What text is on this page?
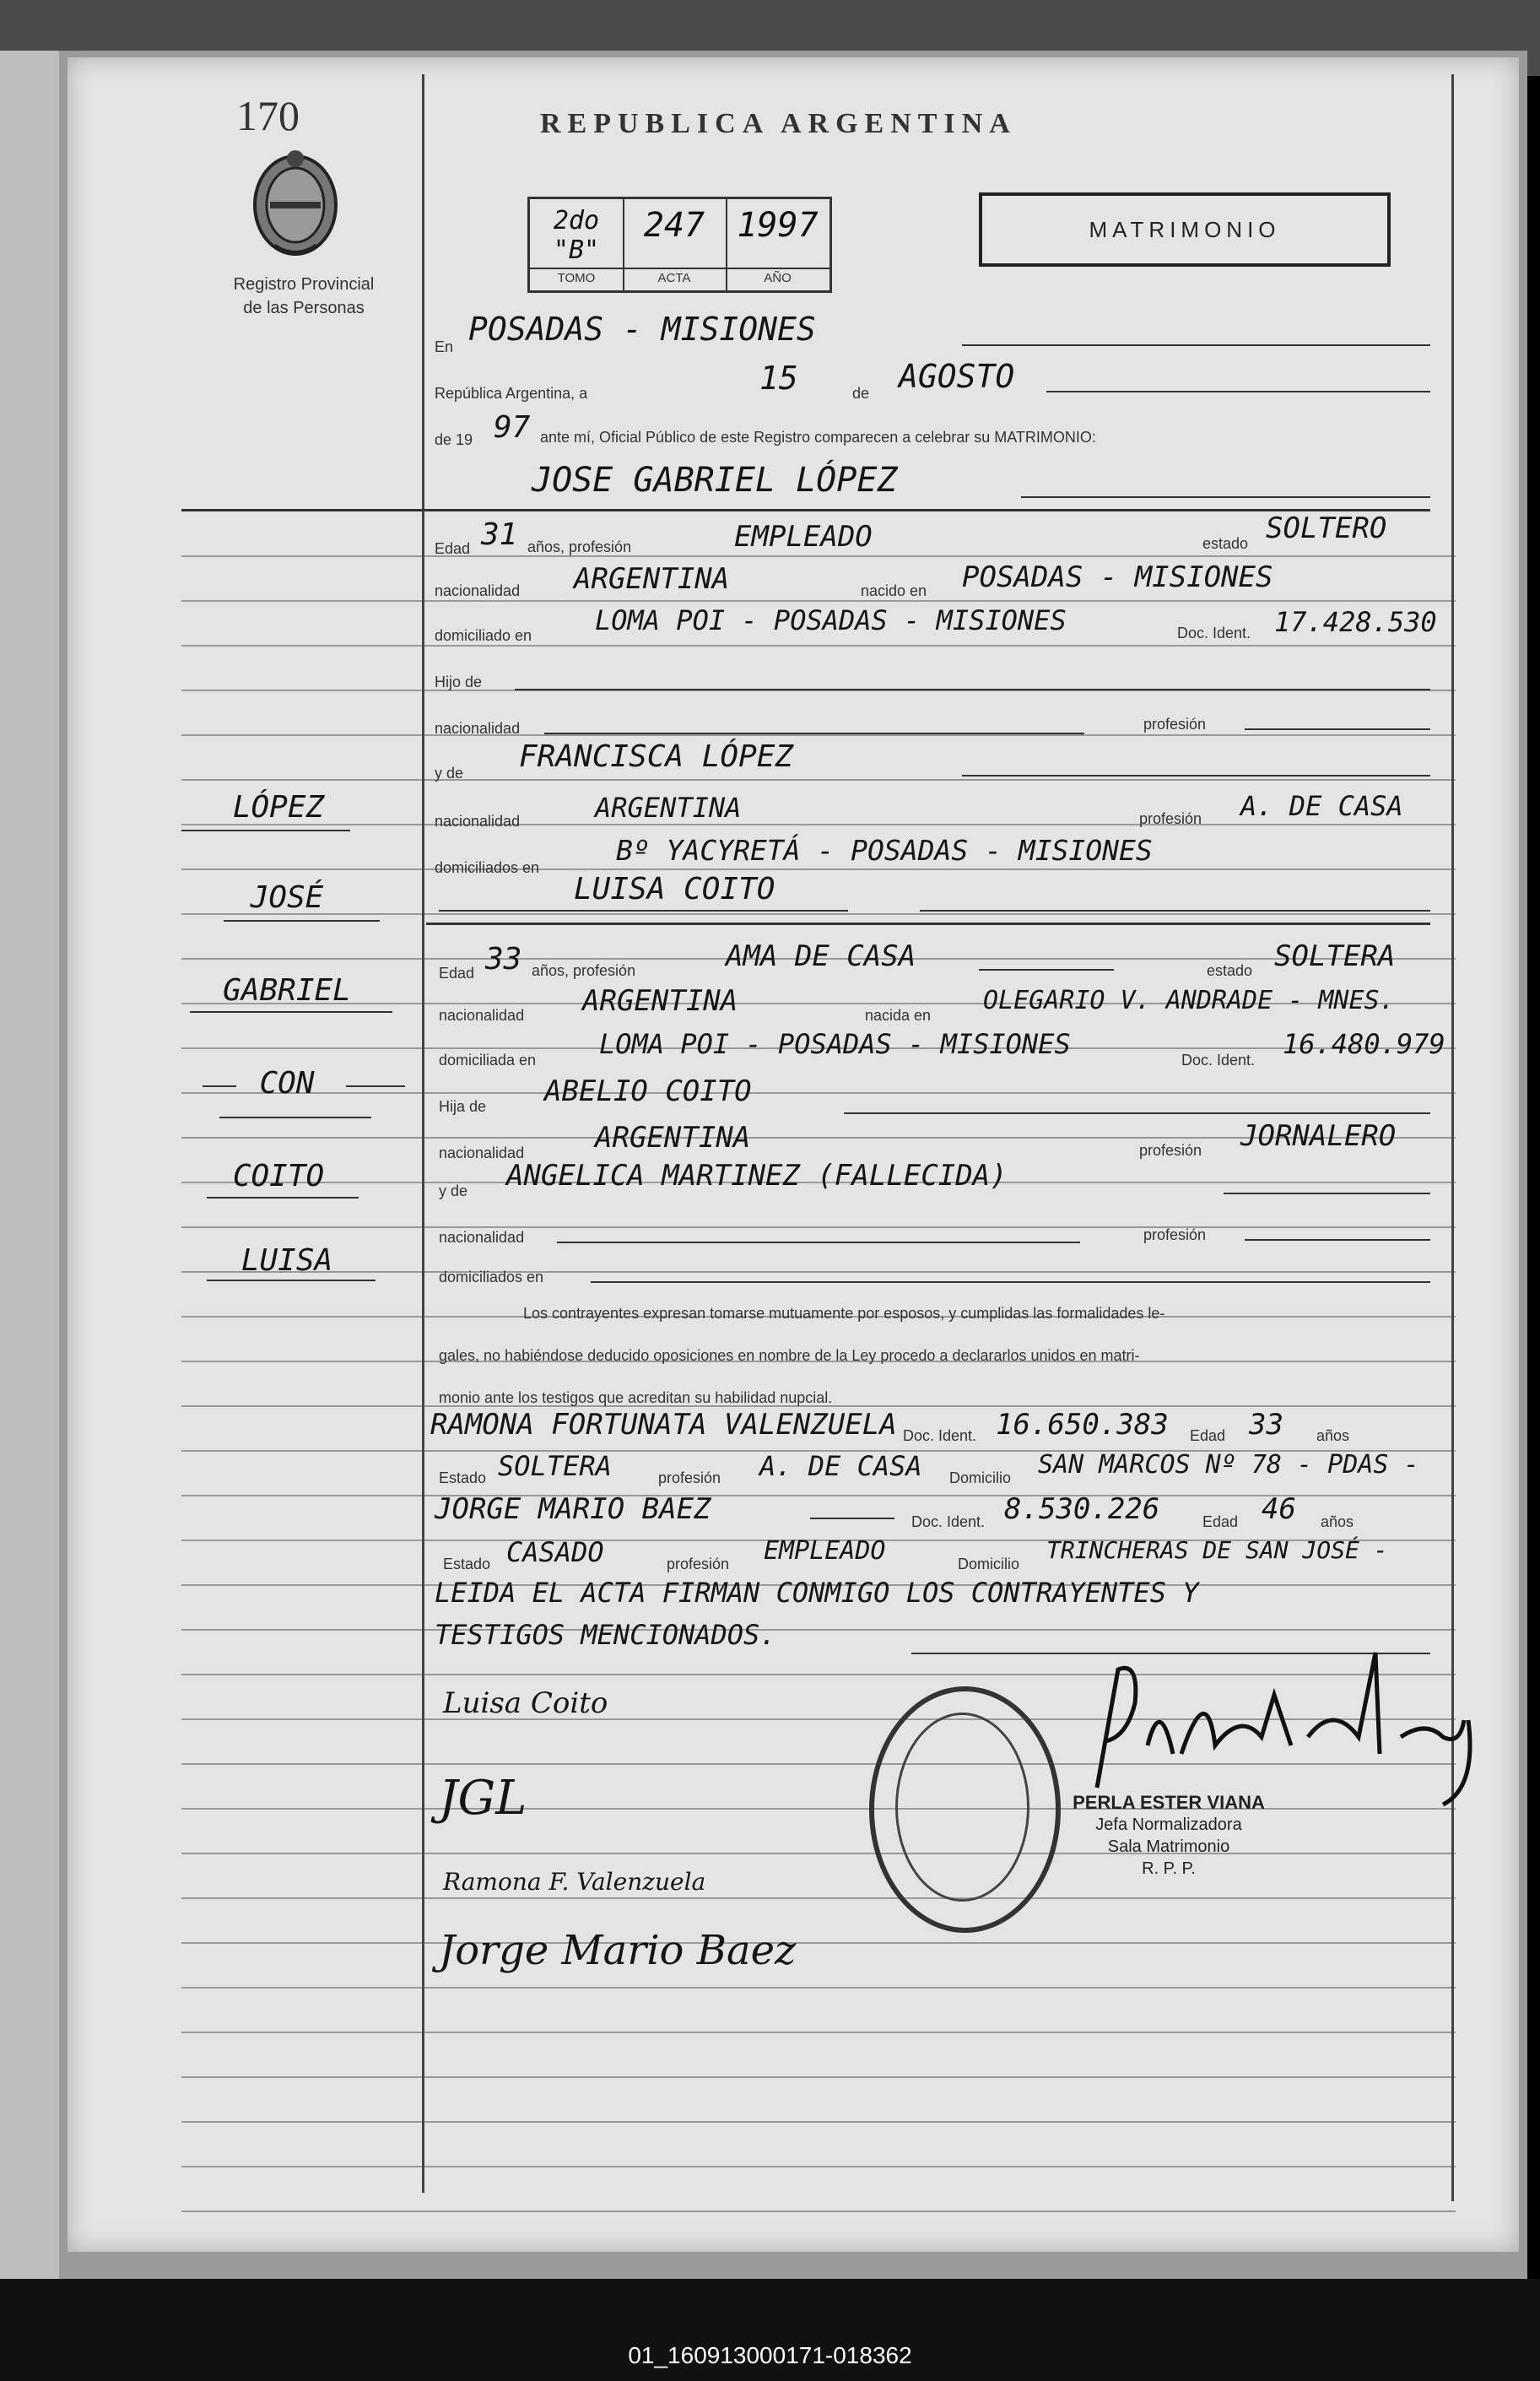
170
Registro Provincial
de las Personas
REPUBLICA ARGENTINA
2do "B"
TOMO
247
ACTA
1997
AÑO
MATRIMONIO
En POSADAS - MISIONES
República Argentina, a	15	de AGOSTO
de 19 97 ante mí, Oficial Público de este Registro comparecen a celebrar su MATRIMONIO:
JOSE GABRIEL LÓPEZ
Edad 31 años, profesión	EMPLEADO	estado SOLTERO
nacionalidad ARGENTINA	nacido en POSADAS - MISIONES
domiciliado en LOMA POI - POSADAS - MISIONES	Doc. Ident. 17.428.530
Hijo de
nacionalidad	profesión
y de FRANCISCA LÓPEZ
nacionalidad	ARGENTINA	profesión A. DE CASA
domiciliados en
Bº YACYRETÁ - POSADAS - MISIONES
LUISA COITO
Edad 33 años, profesión	AMA DE CASA	estado SOLTERA
nacionalidad ARGENTINA	nacida en OLEGARIO V. ANDRADE - MNES.
domiciliada en LOMA POI - POSADAS - MISIONES	Doc. Ident. 16.480.979
Hija de ABELIO COITO
nacionalidad ARGENTINA	profesión JORNALERO
y de ANGELICA MARTINEZ (FALLECIDA)
nacionalidad	profesión
domiciliados en
Los contrayentes expresan tomarse mutuamente por esposos, y cumplidas las formalidades le-
gales, no habiéndose deducido oposiciones en nombre de la Ley procedo a declararlos unidos en matri-
monio ante los testigos que acreditan su habilidad nupcial.
RAMONA FORTUNATA VALENZUELA Doc. Ident. 16.650.383 Edad 33 años
Estado SOLTERA	profesión A. DE CASA Domicilio SAN MARCOS Nº 78 - PDAS -
JORGE MARIO BAEZ	Doc. Ident. 8.530.226	Edad 46 años
Estado CASADO	profesión EMPLEADO	Domicilio TRINCHERAS DE SAN JOSÉ -
LEIDA EL ACTA FIRMAN CONMIGO LOS CONTRAYENTES Y
TESTIGOS MENCIONADOS.
Luisa Coito
JGL
Ramona F. Valenzuela
Jorge Mario Baez
PERLA ESTER VIANA
Jefa Normalizadora
Sala Matrimonio
R. P. P.
LÓPEZ
JOSÉ
GABRIEL
CON
COITO
LUISA
01_160913000171-018362
